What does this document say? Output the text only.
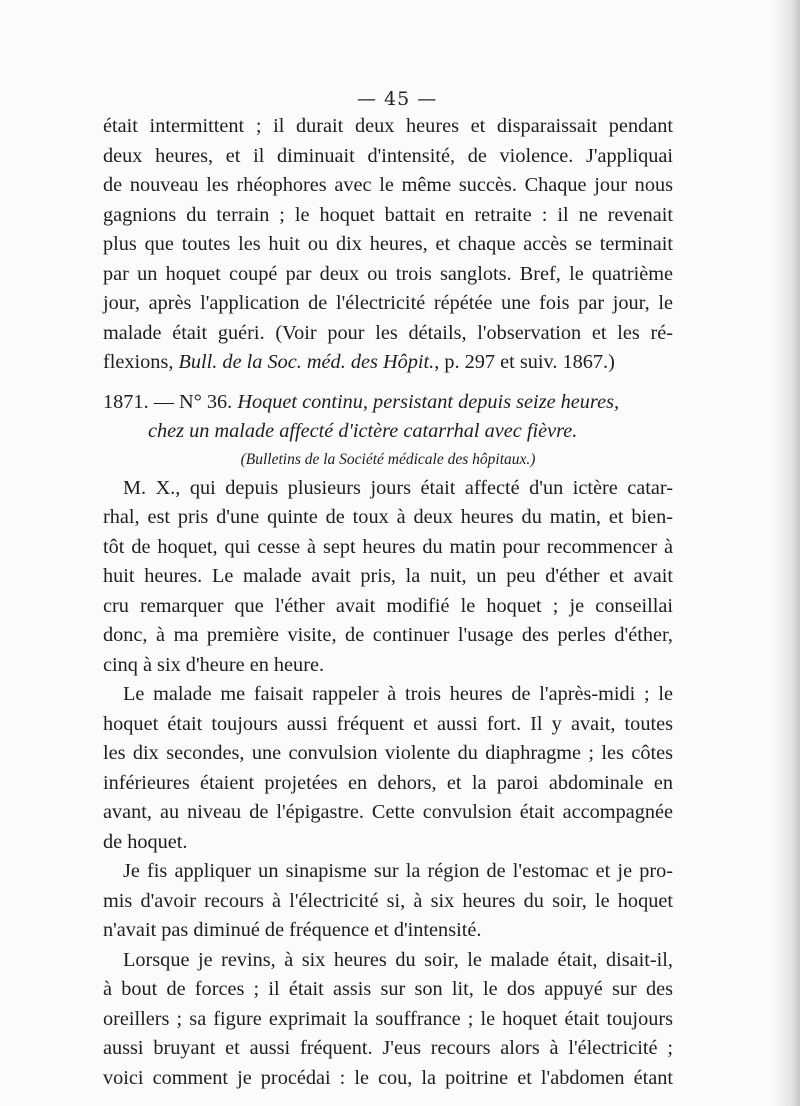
— 45 —
était intermittent ; il durait deux heures et disparaissait pendant
deux heures, et il diminuait d'intensité, de violence. J'appliquai
de nouveau les rhéophores avec le même succès. Chaque jour nous
gagnions du terrain ; le hoquet battait en retraite : il ne revenait
plus que toutes les huit ou dix heures, et chaque accès se terminait
par un hoquet coupé par deux ou trois sanglots. Bref, le quatrième
jour, après l'application de l'électricité répétée une fois par jour, le
malade était guéri. (Voir pour les détails, l'observation et les ré-
flexions, Bull. de la Soc. méd. des Hôpit., p. 297 et suiv. 1867.)
1871. — N° 36. Hoquet continu, persistant depuis seize heures,
chez un malade affecté d'ictère catarrhal avec fièvre.
(Bulletins de la Société médicale des hôpitaux.)
M. X., qui depuis plusieurs jours était affecté d'un ictère catar-
rhal, est pris d'une quinte de toux à deux heures du matin, et bien-
tôt de hoquet, qui cesse à sept heures du matin pour recommencer à
huit heures. Le malade avait pris, la nuit, un peu d'éther et avait
cru remarquer que l'éther avait modifié le hoquet ; je conseillai
donc, à ma première visite, de continuer l'usage des perles d'éther,
cinq à six d'heure en heure.
Le malade me faisait rappeler à trois heures de l'après-midi ; le
hoquet était toujours aussi fréquent et aussi fort. Il y avait, toutes
les dix secondes, une convulsion violente du diaphragme ; les côtes
inférieures étaient projetées en dehors, et la paroi abdominale en
avant, au niveau de l'épigastre. Cette convulsion était accompagnée
de hoquet.
Je fis appliquer un sinapisme sur la région de l'estomac et je pro-
mis d'avoir recours à l'électricité si, à six heures du soir, le hoquet
n'avait pas diminué de fréquence et d'intensité.
Lorsque je revins, à six heures du soir, le malade était, disait-il,
à bout de forces ; il était assis sur son lit, le dos appuyé sur des
oreillers ; sa figure exprimait la souffrance ; le hoquet était toujours
aussi bruyant et aussi fréquent. J'eus recours alors à l'électricité ;
voici comment je procédai : le cou, la poitrine et l'abdomen étant
